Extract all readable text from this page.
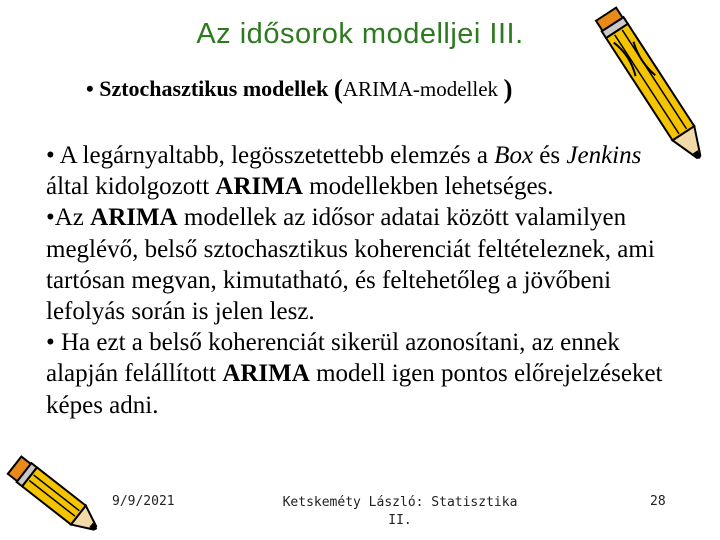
Az idősorok modelljei III.
• Sztochasztikus modellek (ARIMA-modellek )

• A legárnyaltabb, legösszetettebb elemzés a Box és Jenkins által kidolgozott ARIMA modellekben lehetséges.

•Az ARIMA modellek az idősor adatai között valamilyen meglévő, belső sztochasztikus koherenciát feltételeznek, ami tartósan megvan, kimutatható, és feltehetőleg a jövőbeni lefolyás során is jelen lesz.

• Ha ezt a belső koherenciát sikerül azonosítani, az ennek alapján felállított ARIMA modell igen pontos előrejelzéseket képes adni.

9/9/2021	Ketskeméty László: Statisztika II.
28
